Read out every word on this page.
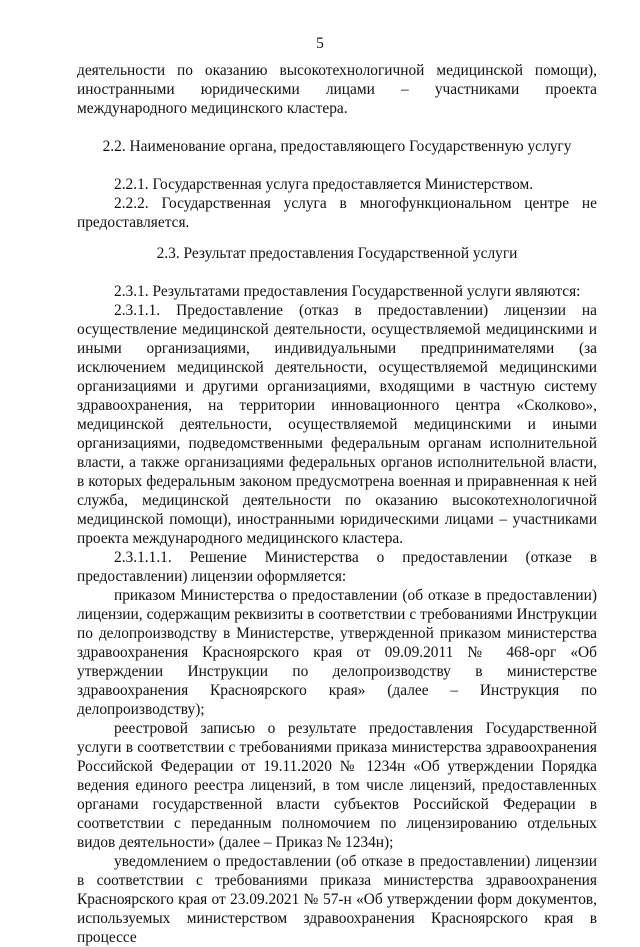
5

деятельности по оказанию высокотехнологичной медицинской помощи), иностранными юридическими лицами – участниками проекта международного медицинского кластера.

2.2. Наименование органа, предоставляющего Государственную услугу

2.2.1. Государственная услуга предоставляется Министерством.

2.2.2. Государственная услуга в многофункциональном центре не предоставляется.

2.3. Результат предоставления Государственной услуги

2.3.1. Результатами предоставления Государственной услуги являются:

2.3.1.1. Предоставление (отказ в предоставлении) лицензии на осуществление медицинской деятельности, осуществляемой медицинскими и иными организациями, индивидуальными предпринимателями (за исключением медицинской деятельности, осуществляемой медицинскими организациями и другими организациями, входящими в частную систему здравоохранения, на территории инновационного центра «Сколково», медицинской деятельности, осуществляемой медицинскими и иными организациями, подведомственными федеральным органам исполнительной власти, а также организациями федеральных органов исполнительной власти, в которых федеральным законом предусмотрена военная и приравненная к ней служба, медицинской деятельности по оказанию высокотехнологичной медицинской помощи), иностранными юридическими лицами – участниками проекта международного медицинского кластера.

2.3.1.1.1. Решение Министерства о предоставлении (отказе в предоставлении) лицензии оформляется:

приказом Министерства о предоставлении (об отказе в предоставлении) лицензии, содержащим реквизиты в соответствии с требованиями Инструкции по делопроизводству в Министерстве, утвержденной приказом министерства здравоохранения Красноярского края от 09.09.2011 № 468-орг «Об утверждении Инструкции по делопроизводству в министерстве здравоохранения Красноярского края» (далее – Инструкция по делопроизводству);

реестровой записью о результате предоставления Государственной услуги в соответствии с требованиями приказа министерства здравоохранения Российской Федерации от 19.11.2020 № 1234н «Об утверждении Порядка ведения единого реестра лицензий, в том числе лицензий, предоставленных органами государственной власти субъектов Российской Федерации в соответствии с переданным полномочием по лицензированию отдельных видов деятельности» (далее – Приказ № 1234н);

уведомлением о предоставлении (об отказе в предоставлении) лицензии в соответствии с требованиями приказа министерства здравоохранения Красноярского края от 23.09.2021 № 57-н «Об утверждении форм документов, используемых министерством здравоохранения Красноярского края в процессе
